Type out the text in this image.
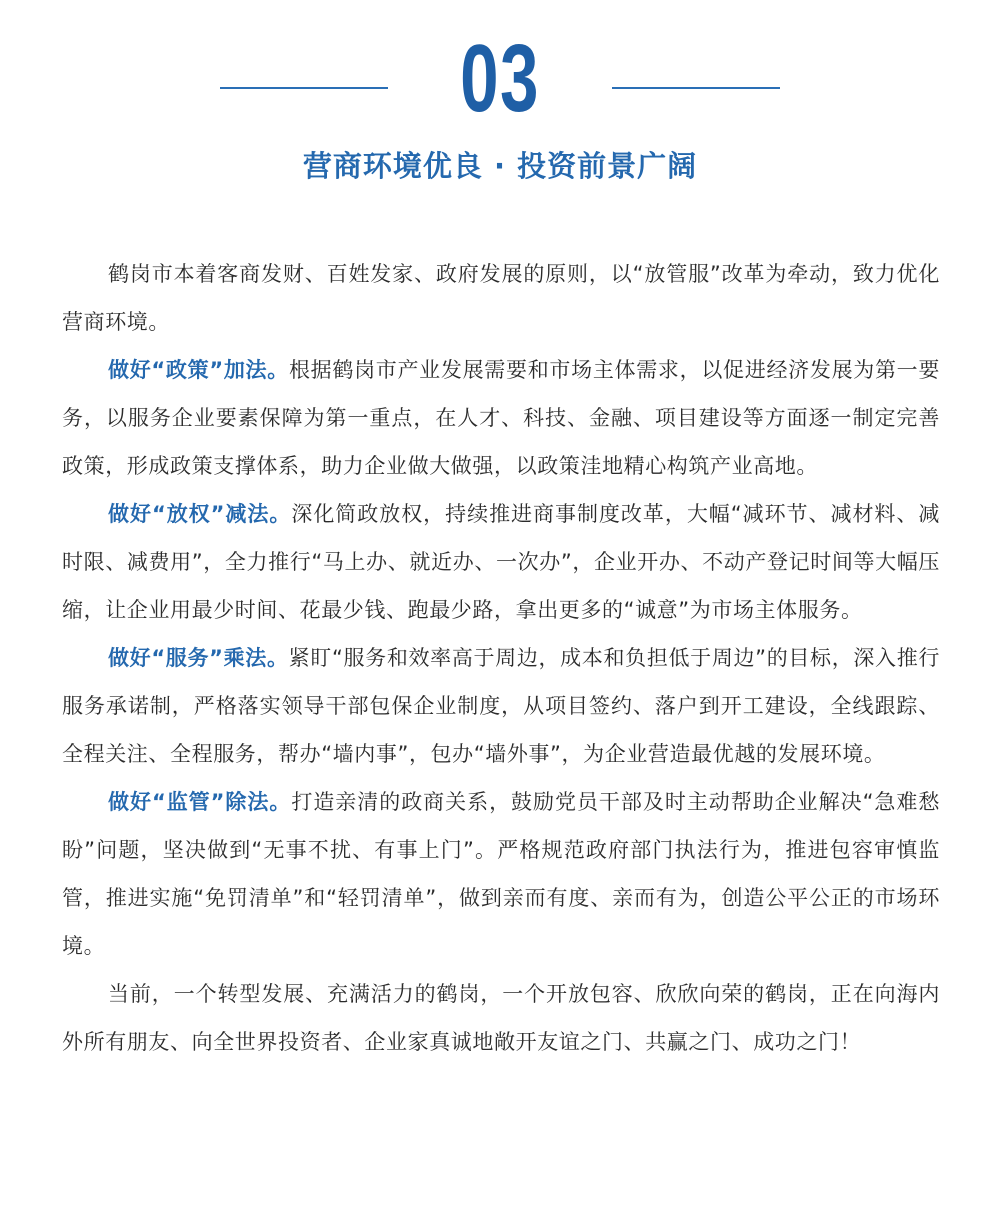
03
营商环境优良 · 投资前景广阔

鹤岗市本着客商发财、百姓发家、政府发展的原则，以“放管服”改革为牵动，致力优化营商环境。

做好“政策”加法。根据鹤岗市产业发展需要和市场主体需求，以促进经济发展为第一要务，以服务企业要素保障为第一重点，在人才、科技、金融、项目建设等方面逐一制定完善政策，形成政策支撑体系，助力企业做大做强，以政策洼地精心构筑产业高地。

做好“放权”减法。深化简政放权，持续推进商事制度改革，大幅“减环节、减材料、减时限、减费用”，全力推行“马上办、就近办、一次办”，企业开办、不动产登记时间等大幅压缩，让企业用最少时间、花最少钱、跑最少路，拿出更多的“诚意”为市场主体服务。

做好“服务”乘法。紧盯“服务和效率高于周边，成本和负担低于周边”的目标，深入推行服务承诺制，严格落实领导干部包保企业制度，从项目签约、落户到开工建设，全线跟踪、全程关注、全程服务，帮办“墙内事”，包办“墙外事”，为企业营造最优越的发展环境。

做好“监管”除法。打造亲清的政商关系，鼓励党员干部及时主动帮助企业解决“急难愁盼”问题，坚决做到“无事不扰、有事上门”。严格规范政府部门执法行为，推进包容审慎监管，推进实施“免罚清单”和“轻罚清单”，做到亲而有度、亲而有为，创造公平公正的市场环境。

当前，一个转型发展、充满活力的鹤岗，一个开放包容、欣欣向荣的鹤岗，正在向海内外所有朋友、向全世界投资者、企业家真诚地敞开友谊之门、共赢之门、成功之门！
